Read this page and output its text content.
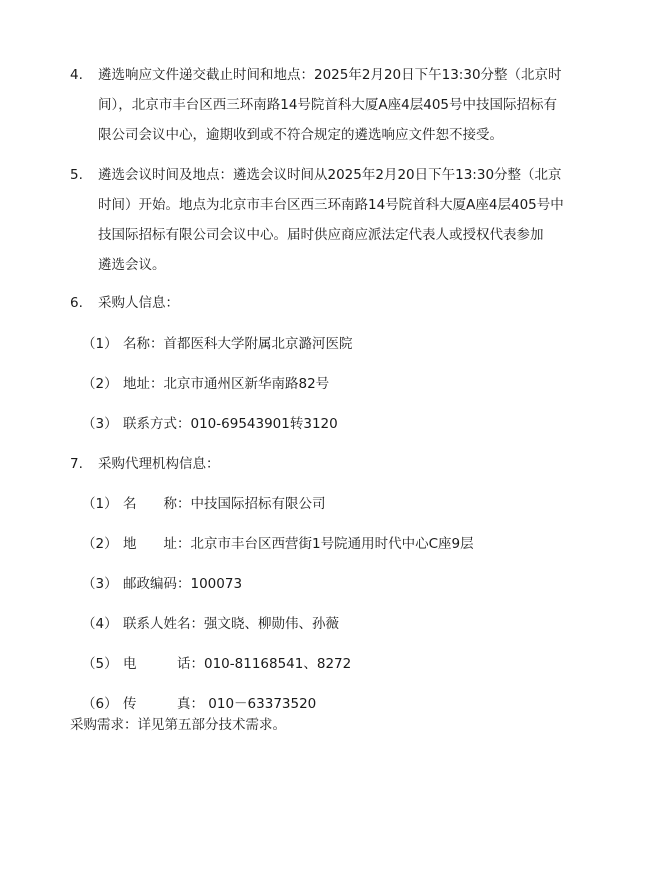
4. 遴选响应文件递交截止时间和地点：2025年2月20日下午13:30分整（北京时
间），北京市丰台区西三环南路14号院首科大厦A座4层405号中技国际招标有
限公司会议中心，逾期收到或不符合规定的遴选响应文件恕不接受。
5. 遴选会议时间及地点：遴选会议时间从2025年2月20日下午13:30分整（北京
时间）开始。地点为北京市丰台区西三环南路14号院首科大厦A座4层405号中
技国际招标有限公司会议中心。届时供应商应派法定代表人或授权代表参加
遴选会议。
6. 采购人信息：
（1） 名称：首都医科大学附属北京潞河医院
（2） 地址：北京市通州区新华南路82号
（3） 联系方式：010-69543901转3120
7. 采购代理机构信息：
（1） 名　　称：中技国际招标有限公司
（2） 地　　址：北京市丰台区西营街1号院通用时代中心C座9层
（3） 邮政编码：100073
（4） 联系人姓名：强文晓、柳勋伟、孙薇
（5） 电　　　话：010-81168541、8272
（6） 传　　　真： 010－63373520
采购需求：详见第五部分技术需求。
